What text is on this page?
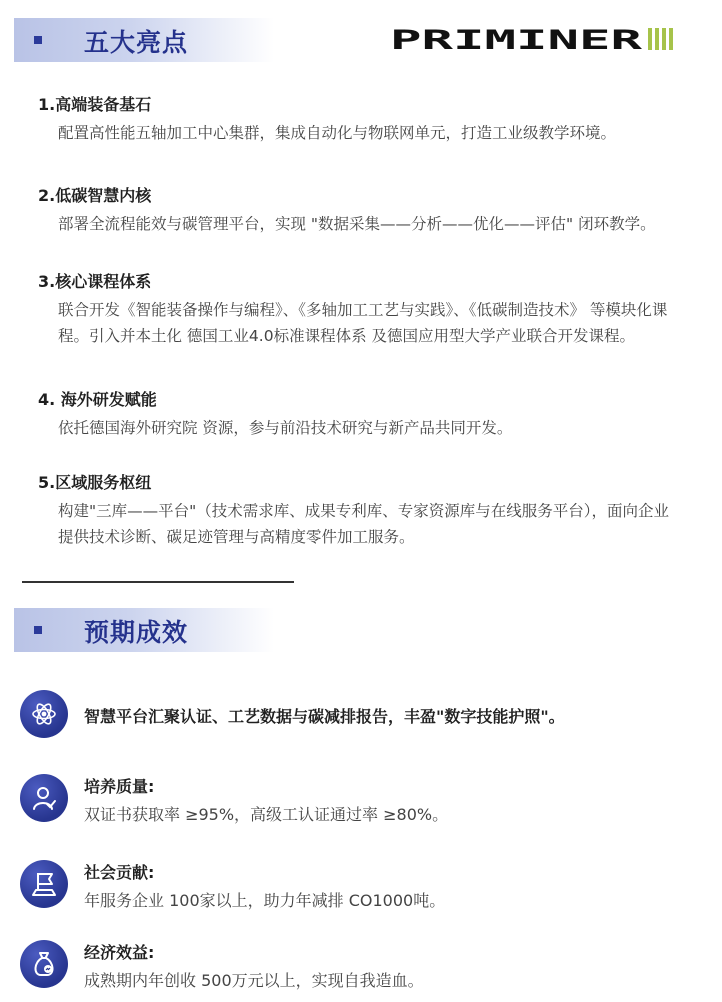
五大亮点	PRIMINER
1.高端装备基石
配置高性能五轴加工中心集群，集成自动化与物联网单元，打造工业级教学环境。
2.低碳智慧内核
部署全流程能效与碳管理平台，实现 "数据采集——分析——优化——评估" 闭环教学。
3.核心课程体系
联合开发《智能装备操作与编程》、《多轴加工工艺与实践》、《低碳制造技术》 等模块化课程。引入并本土化 德国工业4.0标准课程体系 及德国应用型大学产业联合开发课程。
4. 海外研发赋能
依托德国海外研究院 资源，参与前沿技术研究与新产品共同开发。
5.区域服务枢纽
构建"三库——平台"（技术需求库、成果专利库、专家资源库与在线服务平台），面向企业提供技术诊断、碳足迹管理与高精度零件加工服务。
预期成效
智慧平台汇聚认证、工艺数据与碳减排报告，丰盈"数字技能护照"。
培养质量:
双证书获取率 ≥95%，高级工认证通过率 ≥80%。
社会贡献:
年服务企业 100家以上，助力年减排 CO1000吨。
经济效益:
成熟期内年创收 500万元以上，实现自我造血。
